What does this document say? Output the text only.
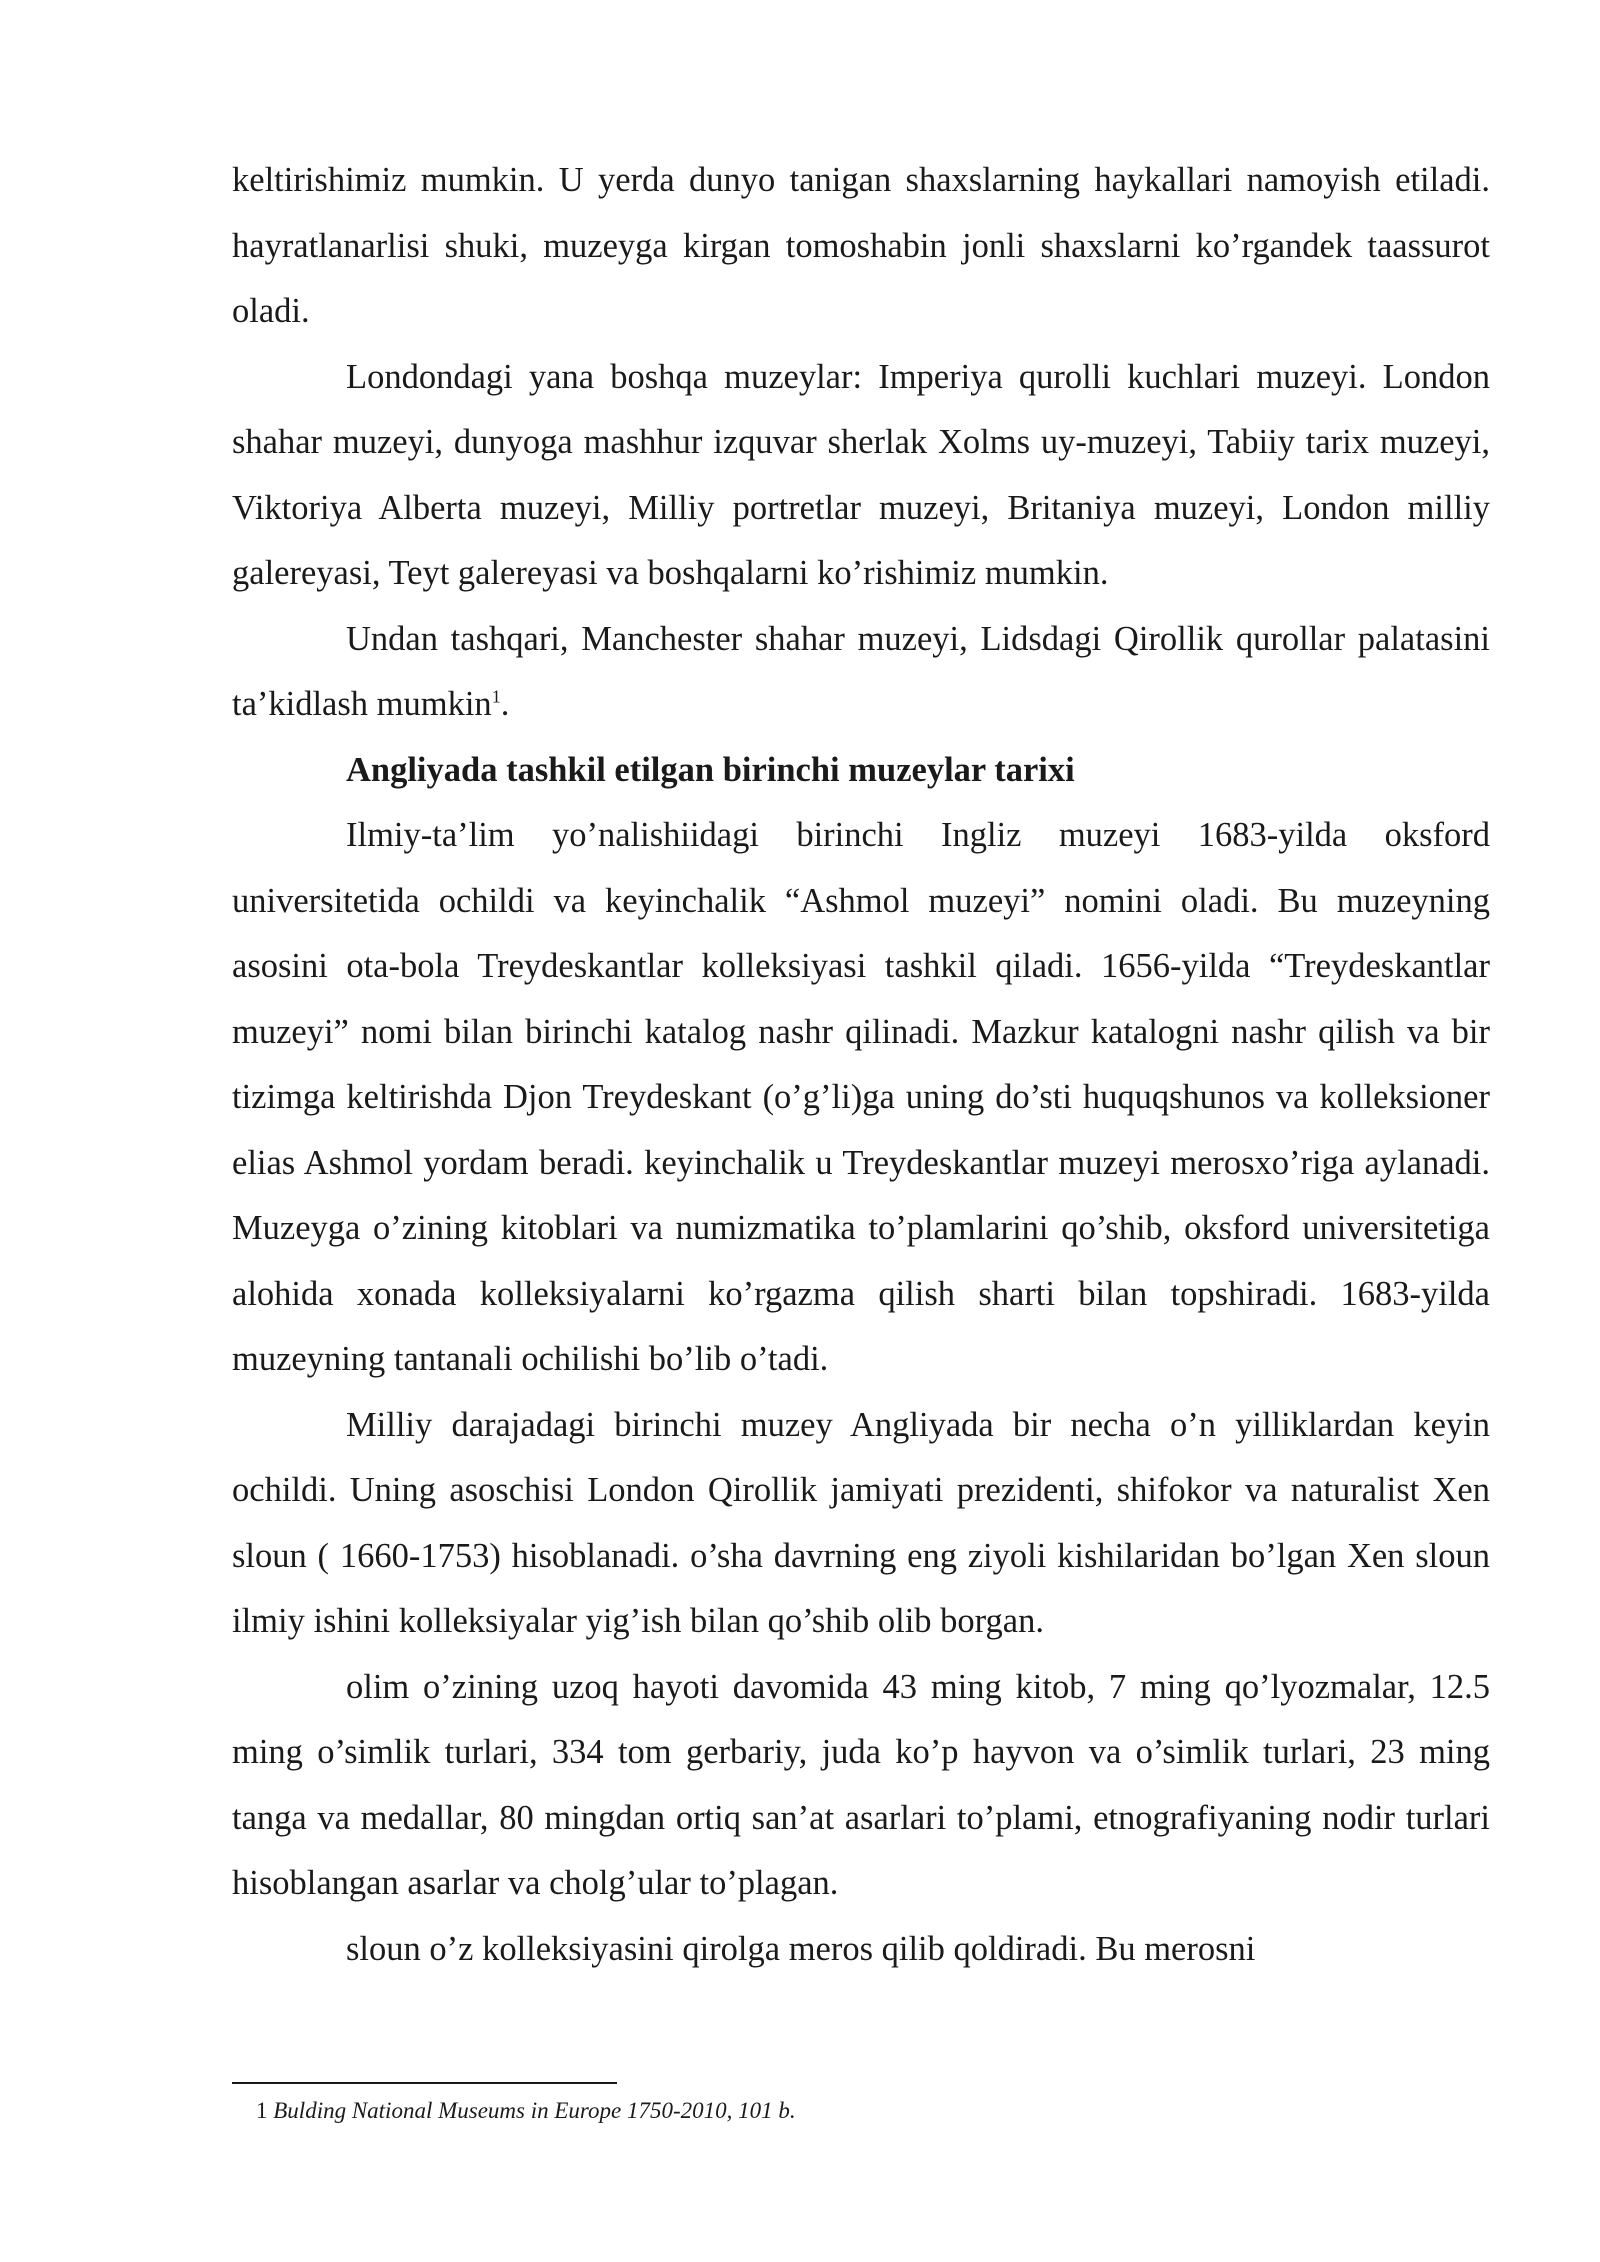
keltirishimiz mumkin. U yerda dunyo tanigan shaxslarning haykallari namoyish etiladi. hayratlanarlisi shuki, muzeyga kirgan tomoshabin jonli shaxslarni ko’rgandek taassurot oladi.

Londondagi yana boshqa muzeylar: Imperiya qurolli kuchlari muzeyi. London shahar muzeyi, dunyoga mashhur izquvar sherlak Xolms uy-muzeyi, Tabiiy tarix muzeyi, Viktoriya Alberta muzeyi, Milliy portretlar muzeyi, Britaniya muzeyi, London milliy galereyasi, Teyt galereyasi va boshqalarni ko’rishimiz mumkin.

Undan tashqari, Manchester shahar muzeyi, Lidsdagi Qirollik qurollar palatasini ta’kidlash mumkin$^1$.

Angliyada tashkil etilgan birinchi muzeylar tarixi

Ilmiy-ta’lim yo’nalishiidagi birinchi Ingliz muzeyi 1683-yilda oksford universitetida ochildi va keyinchalik “Ashmol muzeyi” nomini oladi. Bu muzeyning asosini ota-bola Treydeskantlar kolleksiyasi tashkil qiladi. 1656-yilda “Treydeskantlar muzeyi” nomi bilan birinchi katalog nashr qilinadi. Mazkur katalogni nashr qilish va bir tizimga keltirishda Djon Treydeskant (o’g’li)ga uning do’sti huquqshunos va kolleksioner elias Ashmol yordam beradi. keyinchalik u Treydeskantlar muzeyi merosxo’riga aylanadi. Muzeyga o’zining kitoblari va numizmatika to’plamlarini qo’shib, oksford universitetiga alohida xonada kolleksiyalarni ko’rgazma qilish sharti bilan topshiradi. 1683-yilda muzeyning tantanali ochilishi bo’lib o’tadi.

Milliy darajadagi birinchi muzey Angliyada bir necha o’n yilliklardan keyin ochildi. Uning asoschisi London Qirollik jamiyati prezidenti, shifokor va naturalist Xen sloun ( 1660-1753) hisoblanadi. o’sha davrning eng ziyoli kishilaridan bo’lgan Xen sloun ilmiy ishini kolleksiyalar yig’ish bilan qo’shib olib borgan.

olim o’zining uzoq hayoti davomida 43 ming kitob, 7 ming qo’lyozmalar, 12.5 ming o’simlik turlari, 334 tom gerbariy, juda ko’p hayvon va o’simlik turlari, 23 ming tanga va medallar, 80 mingdan ortiq san’at asarlari to’plami, etnografiyaning nodir turlari hisoblangan asarlar va cholg’ular to’plagan.

sloun o’z kolleksiyasini qirolga meros qilib qoldiradi. Bu merosni

1 Bulding National Museums in Europe 1750-2010, 101 b.
